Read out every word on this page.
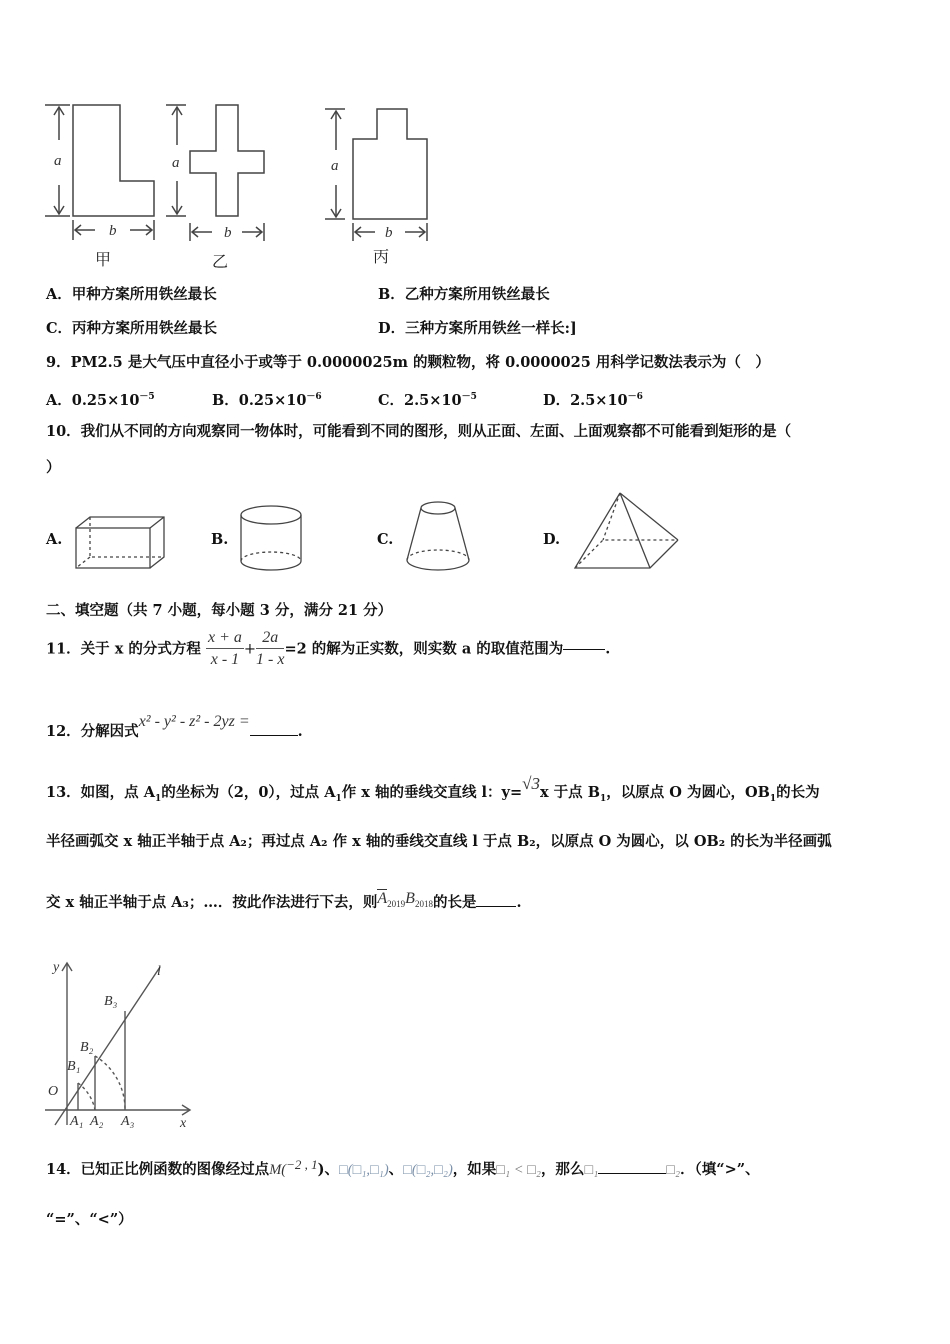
a
b
a
b
a
b
甲	乙	丙
A．甲种方案所用铁丝最长	B．乙种方案所用铁丝最长
C．丙种方案所用铁丝最长	D．三种方案所用铁丝一样长:]
9．PM2.5 是大气压中直径小于或等于 0.0000025m 的颗粒物，将 0.0000025 用科学记数法表示为（　）
A．$0.25\times 10^{-5}$	B．$0.25\times 10^{-6}$	C．$2.5\times 10^{-5}$	D．$2.5\times 10^{-6}$
10．我们从不同的方向观察同一物体时，可能看到不同的图形，则从正面、左面、上面观察都不可能看到矩形的是（
）
A.	B.	C.	D.
二、填空题（共 7 小题，每小题 3 分，满分 21 分）
11．关于 x 的分式方程 $\frac{x + a}{x - 1} + \frac{2a}{1 - x} =2$ 的解为正实数，则实数 a 的取值范围为	.
12．分解因式x² - y² - z² - 2yz =.
13．如图，点 $A_1$的坐标为（2，0），过点 $A_1$作 x 轴的垂线交直线 l：y=√3x 于点 $B_1$，以原点 O 为圆心，$OB_1$的长为
半径画弧交 x 轴正半轴于点 A₂；再过点 A₂ 作 x 轴的垂线交直线 l 于点 B₂，以原点 O 为圆心，以 OB₂ 的长为半径画弧
交 x 轴正半轴于点 A₃；…．按此作法进行下去，则$A_{2019}B_{2018}$的长是	.
y
x
l
O
B₃
B₂
B₁
A₁ A₂ A₃
14．已知正比例函数的图像经过点M(−2 , 1)、□(□₁,□₁)、□(□₂,□₂)，如果□₁ < □₂，那么□₁	□₂．（填“>”、
“=”、“<”）
